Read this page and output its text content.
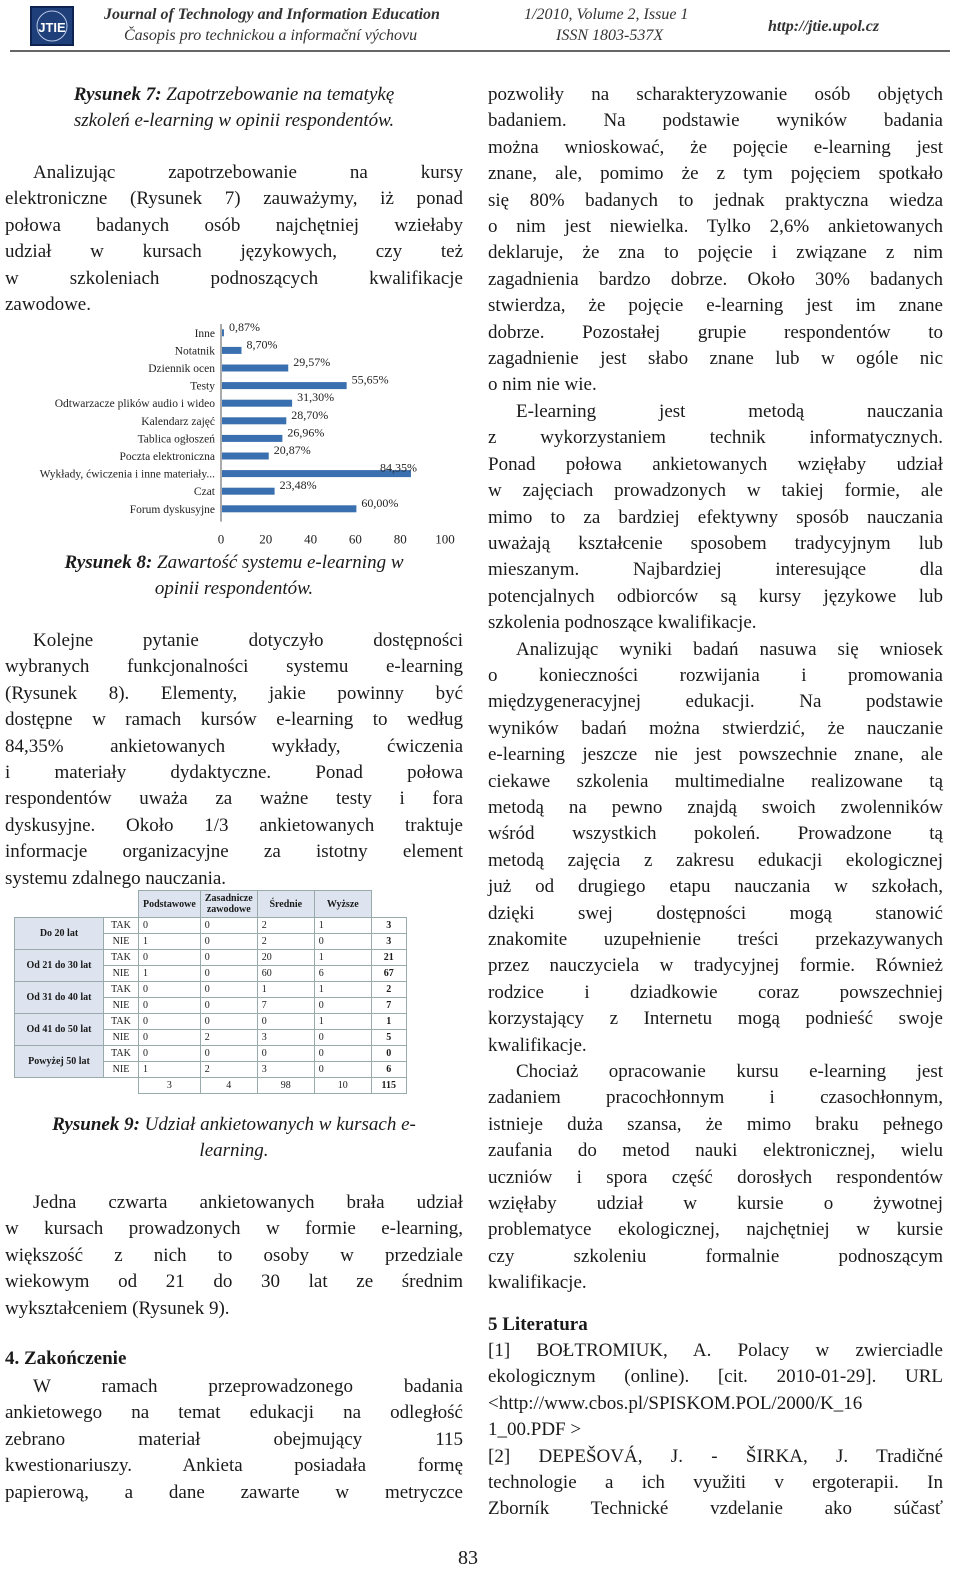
JTIE
Journal of Technology and Information Education
Časopis pro technickou a informační výchovu
1/2010, Volume 2, Issue 1
ISSN 1803-537X
http://jtie.upol.cz
Rysunek 7: Zapotrzebowanie na tematykę
szkoleń e-learning w opinii respondentów.
Analizując zapotrzebowanie na kursy
elektroniczne (Rysunek 7) zauważymy, iż ponad
połowa badanych osób najchętniej wziełaby
udział w kursach językowych, czy też
w szkoleniach podnoszących kwalifikacje
zawodowe.
Inne 0,87%
Notatnik	8,70%
Dziennik ocen	29,57%
Testy	55,65%
Odtwarzacze plików audio i wideo	31,30%
Kalendarz zajęć	28,70%
Tablica ogłoszeń	26,96%
Poczta elektroniczna	20,87%
Wykłady, ćwiczenia i inne materiały...	84,35%
Czat	23,48%
Forum dyskusyjne	60,00%
0	20 40 60 80 100
Rysunek 8: Zawartość systemu e-learning w
opinii respondentów.
Kolejne pytanie dotyczyło dostępności
wybranych funkcjonalności systemu e-learning
(Rysunek 8). Elementy, jakie powinny być
dostępne w ramach kursów e-learning to według
84,35% ankietowanych wykłady, ćwiczenia
i materiały dydaktyczne. Ponad połowa
respondentów uważa za ważne testy i fora
dyskusyjne. Około 1/3 ankietowanych traktuje
informacje organizacyjne za istotny element
systemu zdalnego nauczania.
		Podstawowe	Zasadnicze zawodowe	Średnie	Wyższe	
Do 20 lat	TAK	0	0	2	1	3
	NIE	1	0	2	0	3
Od 21 do 30 lat	TAK	0	0	20	1	21
	NIE	1	0	60	6	67
Od 31 do 40 lat	TAK	0	0	1	1	2
	NIE	0	0	7	0	7
Od 41 do 50 lat	TAK	0	0	0	1	1
	NIE	0	2	3	0	5
Powyżej 50 lat	TAK	0	0	0	0	0
	NIE	1	2	3	0	6
		3	4	98	10	115
Rysunek 9: Udział ankietowanych w kursach e-
learning.
Jedna czwarta ankietowanych brała udział
w kursach prowadzonych w formie e-learning,
większość z nich to osoby w przedziale
wiekowym od 21 do 30 lat ze średnim
wykształceniem (Rysunek 9).
4. Zakończenie
W ramach przeprowadzonego badania
ankietowego na temat edukacji na odległość
zebrano materiał obejmujący 115
kwestionariuszy. Ankieta posiadała formę
papierową, a dane zawarte w metryczce
pozwoliły na scharakteryzowanie osób objętych
badaniem. Na podstawie wyników badania
można wnioskować, że pojęcie e-learning jest
znane, ale, pomimo że z tym pojęciem spotkało
się 80% badanych to jednak praktyczna wiedza
o nim jest niewielka. Tylko 2,6% ankietowanych
deklaruje, że zna to pojęcie i związane z nim
zagadnienia bardzo dobrze. Około 30% badanych
stwierdza, że pojęcie e-learning jest im znane
dobrze. Pozostałej grupie respondentów to
zagadnienie jest słabo znane lub w ogóle nic
o nim nie wie.
E-learning jest metodą nauczania
z wykorzystaniem technik informatycznych.
Ponad połowa ankietowanych wzięłaby udział
w zajęciach prowadzonych w takiej formie, ale
mimo to za bardziej efektywny sposób nauczania
uważają kształcenie sposobem tradycyjnym lub
mieszanym. Najbardziej interesujące dla
potencjalnych odbiorców są kursy językowe lub
szkolenia podnoszące kwalifikacje.
Analizując wyniki badań nasuwa się wniosek
o konieczności rozwijania i promowania
międzygeneracyjnej edukacji. Na podstawie
wyników badań można stwierdzić, że nauczanie
e-learning jeszcze nie jest powszechnie znane, ale
ciekawe szkolenia multimedialne realizowane tą
metodą na pewno znajdą swoich zwolenników
wśród wszystkich pokoleń. Prowadzone tą
metodą zajęcia z zakresu edukacji ekologicznej
już od drugiego etapu nauczania w szkołach,
dzięki swej dostępności mogą stanowić
znakomite uzupełnienie treści przekazywanych
przez nauczyciela w tradycyjnej formie. Również
rodzice i dziadkowie coraz powszechniej
korzystający z Internetu mogą podnieść swoje
kwalifikacje.
Chociaż opracowanie kursu e-learning jest
zadaniem pracochłonnym i czasochłonnym,
istnieje duża szansa, że mimo braku pełnego
zaufania do metod nauki elektronicznej, wielu
uczniów i spora część dorosłych respondentów
wzięłaby udział w kursie o żywotnej
problematyce ekologicznej, najchętniej w kursie
czy szkoleniu formalnie podnoszącym
kwalifikacje.
5 Literatura
[1] BOŁTROMIUK, A. Polacy w zwierciadle
ekologicznym (online). [cit. 2010-01-29]. URL
<http://www.cbos.pl/SPISKOM.POL/2000/K_16
1_00.PDF >
[2] DEPEŠOVÁ, J. - ŠIRKA, J. Tradičné
technologie a ich využiti v ergoterapii. In
Zborník Technické vzdelanie ako súčasť
83
